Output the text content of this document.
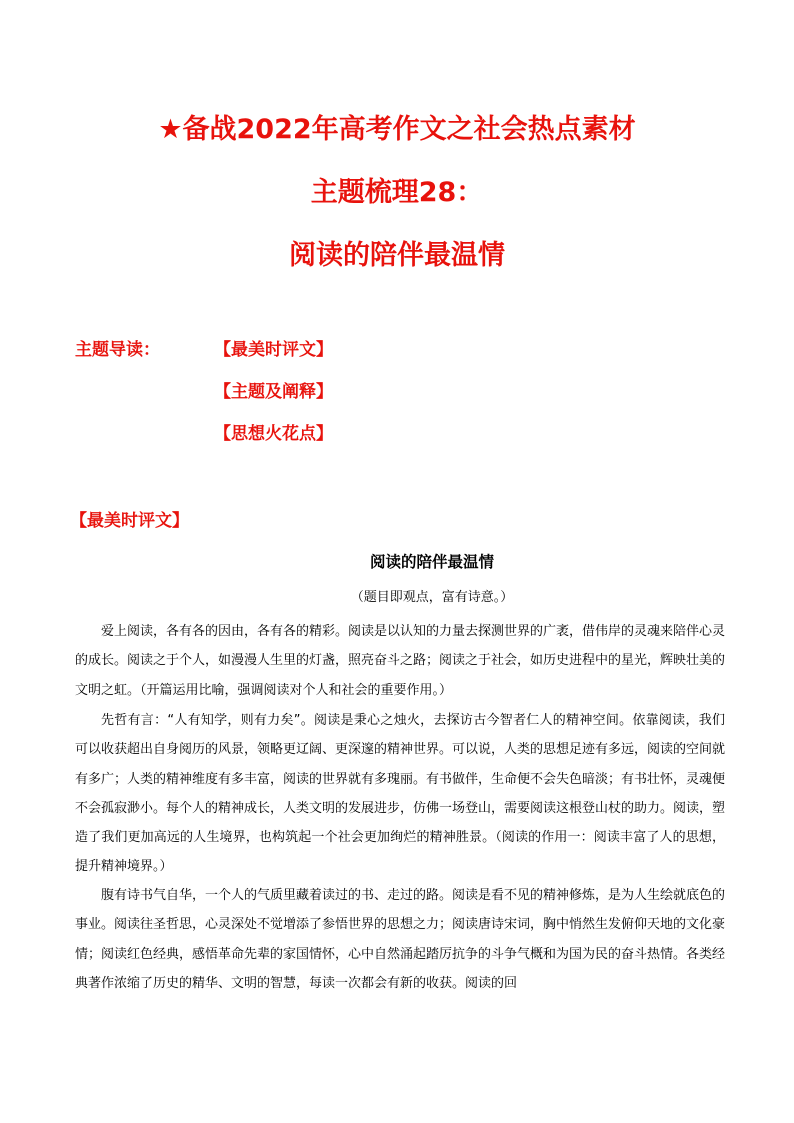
★备战2022年高考作文之社会热点素材
主题梳理28：
阅读的陪伴最温情
主题导读：	【最美时评文】
【主题及阐释】
【思想火花点】
【最美时评文】
阅读的陪伴最温情
（题目即观点，富有诗意。）

爱上阅读，各有各的因由，各有各的精彩。阅读是以认知的力量去探测世界的广袤，借伟岸的灵魂来陪伴心灵的成长。阅读之于个人，如漫漫人生里的灯盏，照亮奋斗之路；阅读之于社会，如历史进程中的星光，辉映壮美的文明之虹。（开篇运用比喻，强调阅读对个人和社会的重要作用。）

先哲有言：“人有知学，则有力矣”。阅读是秉心之烛火，去探访古今智者仁人的精神空间。依靠阅读，我们可以收获超出自身阅历的风景，领略更辽阔、更深邃的精神世界。可以说，人类的思想足迹有多远，阅读的空间就有多广；人类的精神维度有多丰富，阅读的世界就有多瑰丽。有书做伴，生命便不会失色暗淡；有书壮怀，灵魂便不会孤寂渺小。每个人的精神成长，人类文明的发展进步，仿佛一场登山，需要阅读这根登山杖的助力。阅读，塑造了我们更加高远的人生境界，也构筑起一个社会更加绚烂的精神胜景。（阅读的作用一：阅读丰富了人的思想，提升精神境界。）

腹有诗书气自华，一个人的气质里藏着读过的书、走过的路。阅读是看不见的精神修炼，是为人生绘就底色的事业。阅读往圣哲思，心灵深处不觉增添了参悟世界的思想之力；阅读唐诗宋词，胸中悄然生发俯仰天地的文化豪情；阅读红色经典，感悟革命先辈的家国情怀，心中自然涌起踏厉抗争的斗争气概和为国为民的奋斗热情。各类经典著作浓缩了历史的精华、文明的智慧，每读一次都会有新的收获。阅读的回
